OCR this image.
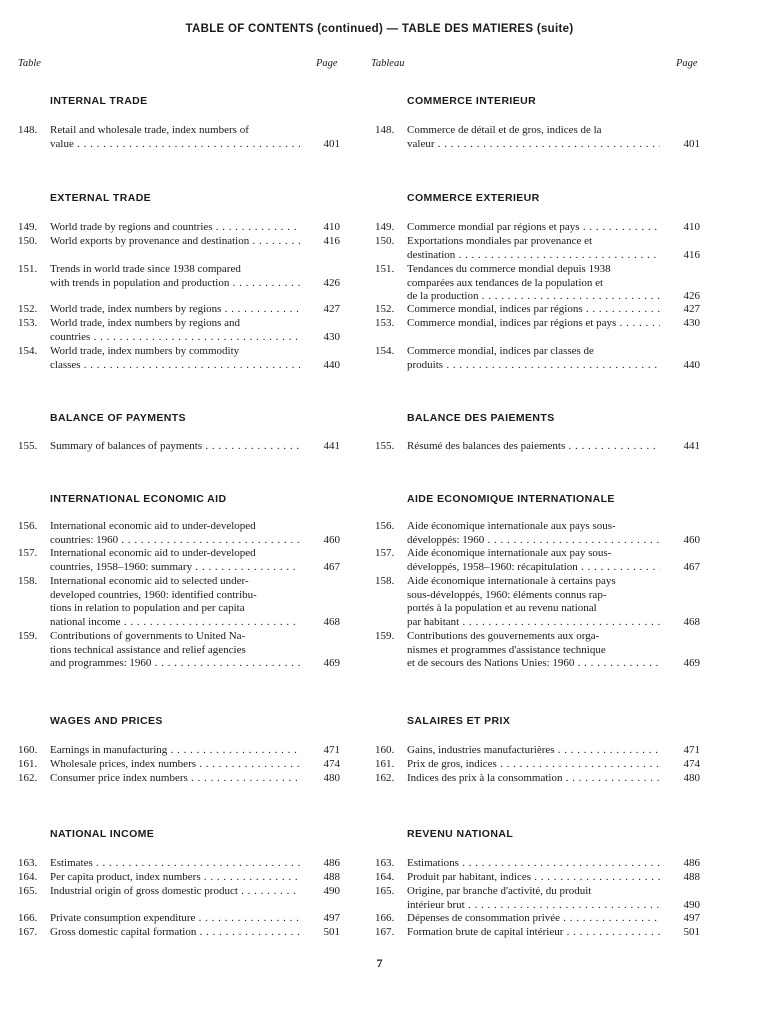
TABLE OF CONTENTS (continued) — TABLE DES MATIERES (suite)
Table	Page	Tableau	Page
INTERNAL TRADE
148.	Retail and wholesale trade, index numbers of
value . . .	401
EXTERNAL TRADE
149.	World trade by regions and countries . . .	410
150.	World exports by provenance and destination . . .	416
151.	Trends in world trade since 1938 compared
with trends in population and production . . .	426
152.	World trade, index numbers by regions . . .	427
153.	World trade, index numbers by regions and
countries . . .	430
154.	World trade, index numbers by commodity
classes . . .	440
BALANCE OF PAYMENTS
155.	Summary of balances of payments . . .	441
INTERNATIONAL ECONOMIC AID
156.	International economic aid to under-developed
countries: 1960 . . .	460
157.	International economic aid to under-developed
countries, 1958–1960: summary . . .	467
158.	International economic aid to selected under-
developed countries, 1960: identified contribu-
tions in relation to population and per capita
national income . . .	468
159.	Contributions of governments to United Na-
tions technical assistance and relief agencies
and programmes: 1960 . . .	469
WAGES AND PRICES
160.	Earnings in manufacturing . . .	471
161.	Wholesale prices, index numbers . . .	474
162.	Consumer price index numbers . . .	480
NATIONAL INCOME
163.	Estimates . . .	486
164.	Per capita product, index numbers . . .	488
165.	Industrial origin of gross domestic product . . .	490
166.	Private consumption expenditure . . .	497
167.	Gross domestic capital formation . . .	501
COMMERCE INTERIEUR
148.	Commerce de détail et de gros, indices de la
valeur . . .	401
COMMERCE EXTERIEUR
149.	Commerce mondial par régions et pays . . .	410
150.	Exportations mondiales par provenance et
destination . . .	416
151.	Tendances du commerce mondial depuis 1938
comparées aux tendances de la population et
de la production . . .	426
152.	Commerce mondial, indices par régions . . .	427
153.	Commerce mondial, indices par régions et pays . . .	430
154.	Commerce mondial, indices par classes de
produits . . .	440
BALANCE DES PAIEMENTS
155.	Résumé des balances des paiements . . .	441
AIDE ECONOMIQUE INTERNATIONALE
156.	Aide économique internationale aux pays sous-
développés: 1960 . . .	460
157.	Aide économique internationale aux pay sous-
développés, 1958–1960: récapitulation . . .	467
158.	Aide économique internationale à certains pays
sous-développés, 1960: éléments connus rap-
portés à la population et au revenu national
par habitant . . .	468
159.	Contributions des gouvernements aux orga-
nismes et programmes d'assistance technique
et de secours des Nations Unies: 1960 . . .	469
SALAIRES ET PRIX
160.	Gains, industries manufacturières . . .	471
161.	Prix de gros, indices . . .	474
162.	Indices des prix à la consommation . . .	480
REVENU NATIONAL
163.	Estimations . . .	486
164.	Produit par habitant, indices . . .	488
165.	Origine, par branche d'activité, du produit
intérieur brut . . .	490
166.	Dépenses de consommation privée . . .	497
167.	Formation brute de capital intérieur . . .	501
7
